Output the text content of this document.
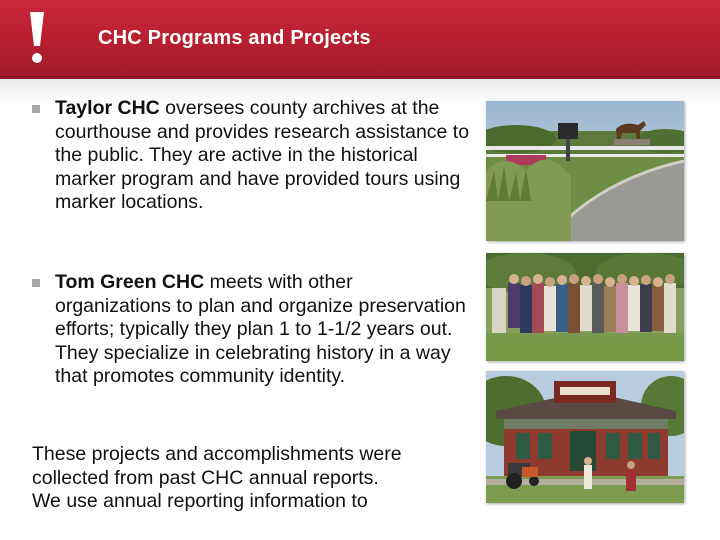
CHC Programs and Projects
Taylor CHC oversees county archives at the courthouse and provides research assistance to the public. They are active in the historical marker program and have provided tours using marker locations.
Tom Green CHC meets with other organizations to plan and organize preservation efforts; typically they plan 1 to 1-1/2 years out. They specialize in celebrating history in a way that promotes community identity.
These projects and accomplishments were collected from past CHC annual reports.
We use annual reporting information to
